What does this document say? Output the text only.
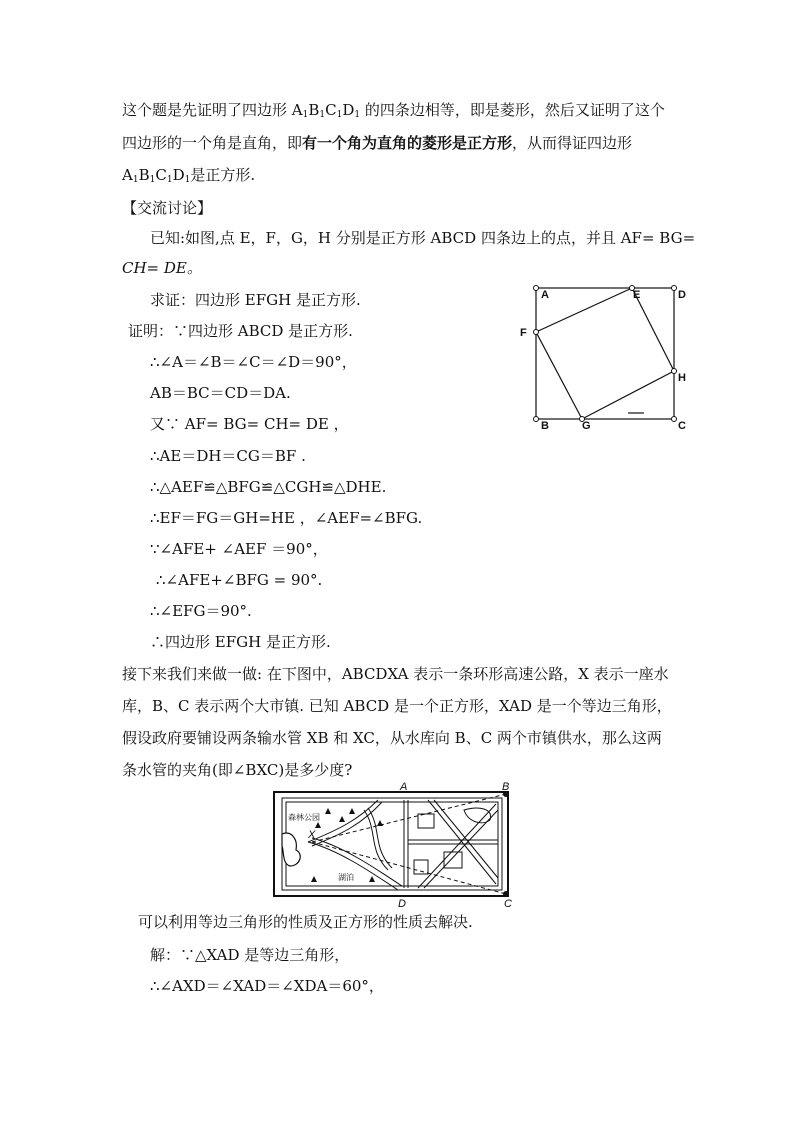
这个题是先证明了四边形 $A_1B_1C_1D_1$ 的四条边相等，即是菱形，然后又证明了这个
四边形的一个角是直角，即有一个角为直角的菱形是正方形，从而得证四边形
$A_1B_1C_1D_1$是正方形.
【交流讨论】
已知:如图,点 E，F，G，H 分别是正方形 ABCD 四条边上的点，并且 AF= BG=
CH= DE。
求证：四边形 EFGH 是正方形.
证明：∵四边形 ABCD 是正方形.
∴∠A＝∠B＝∠C＝∠D＝90°，
AB＝BC＝CD＝DA.
又∵ AF= BG= CH= DE ，
∴AE＝DH＝CG＝BF .
∴△AEF≌△BFG≌△CGH≌△DHE.
∴EF＝FG＝GH=HE ，∠AEF=∠BFG.
∵∠AFE+ ∠AEF ＝90°，
∴∠AFE+∠BFG = 90°.
∴∠EFG＝90°.
∴四边形 EFGH 是正方形.
A	E	D
F
H
B	G	C
接下来我们来做一做: 在下图中，ABCDXA 表示一条环形高速公路，X 表示一座水
库，B、C 表示两个大市镇. 已知 ABCD 是一个正方形，XAD 是一个等边三角形，
假设政府要铺设两条输水管 XB 和 XC，从水库向 B、C 两个市镇供水，那么这两
条水管的夹角(即∠BXC)是多少度?
森林公园
湖泊
A	B
D	C
X
可以利用等边三角形的性质及正方形的性质去解决.
解：∵△XAD 是等边三角形，
∴∠AXD＝∠XAD＝∠XDA＝60°，
